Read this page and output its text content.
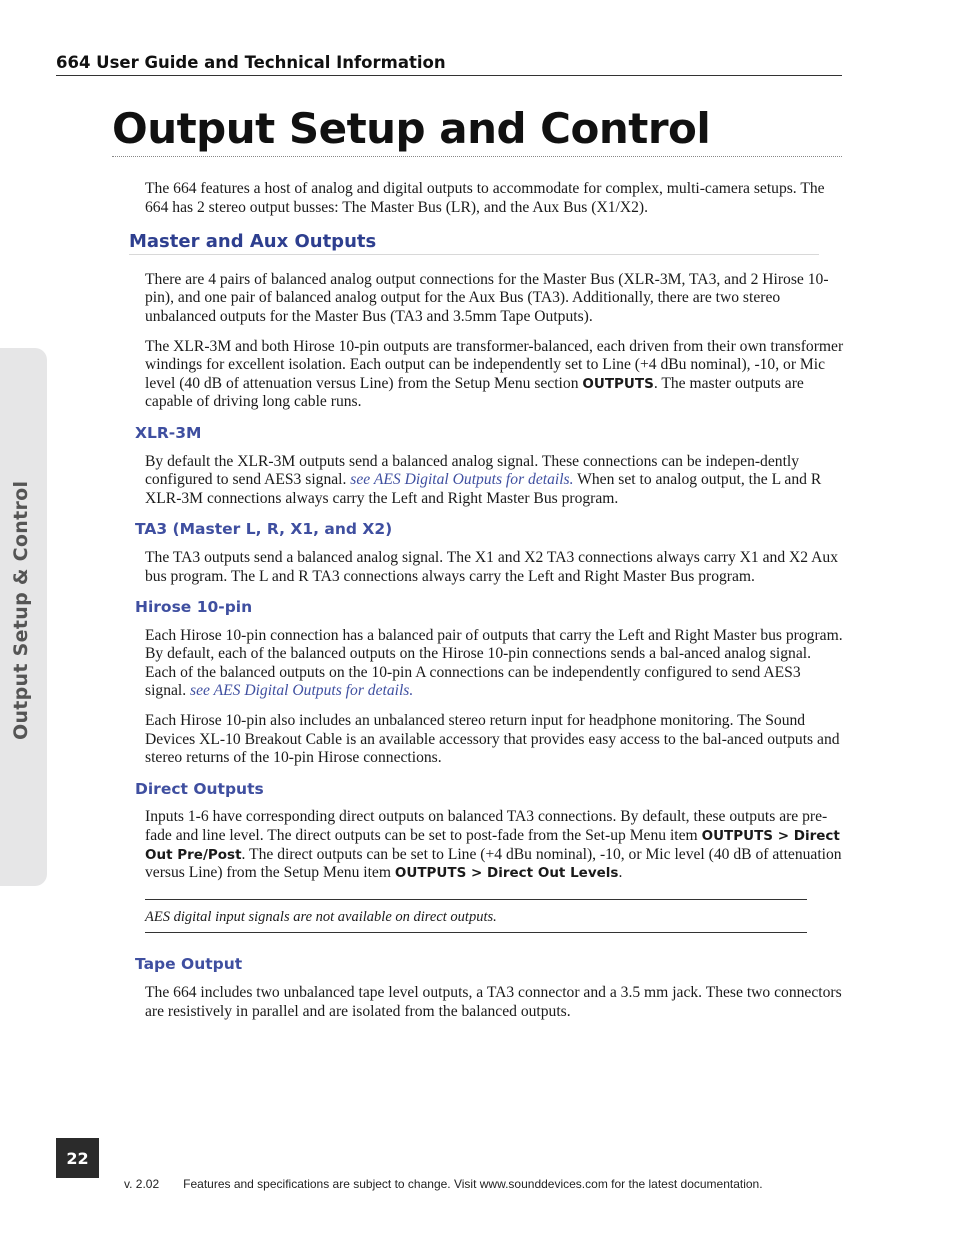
664 User Guide and Technical Information
Output Setup and Control
Output Setup & Control

The 664 features a host of analog and digital outputs to accommodate for complex, multi-camera setups. The 664 has 2 stereo output busses: The Master Bus (LR), and the Aux Bus (X1/X2).

Master and Aux Outputs

There are 4 pairs of balanced analog output connections for the Master Bus (XLR-3M, TA3, and 2 Hirose 10-pin), and one pair of balanced analog output for the Aux Bus (TA3). Additionally, there are two stereo unbalanced outputs for the Master Bus (TA3 and 3.5mm Tape Outputs).

The XLR-3M and both Hirose 10-pin outputs are transformer-balanced, each driven from their own transformer windings for excellent isolation. Each output can be independently set to Line (+4 dBu nominal), -10, or Mic level (40 dB of attenuation versus Line) from the Setup Menu section OUTPUTS. The master outputs are capable of driving long cable runs.

XLR-3M

By default the XLR-3M outputs send a balanced analog signal. These connections can be indepen-dently configured to send AES3 signal. see AES Digital Outputs for details. When set to analog output, the L and R XLR-3M connections always carry the Left and Right Master Bus program.

TA3 (Master L, R, X1, and X2)

The TA3 outputs send a balanced analog signal. The X1 and X2 TA3 connections always carry X1 and X2 Aux bus program. The L and R TA3 connections always carry the Left and Right Master Bus program.

Hirose 10-pin

Each Hirose 10-pin connection has a balanced pair of outputs that carry the Left and Right Master bus program. By default, each of the balanced outputs on the Hirose 10-pin connections sends a bal-anced analog signal. Each of the balanced outputs on the 10-pin A connections can be independently configured to send AES3 signal. see AES Digital Outputs for details.

Each Hirose 10-pin also includes an unbalanced stereo return input for headphone monitoring. The Sound Devices XL-10 Breakout Cable is an available accessory that provides easy access to the bal-anced outputs and stereo returns of the 10-pin Hirose connections.

Direct Outputs

Inputs 1-6 have corresponding direct outputs on balanced TA3 connections. By default, these outputs are pre-fade and line level. The direct outputs can be set to post-fade from the Set-up Menu item OUTPUTS > Direct Out Pre/Post. The direct outputs can be set to Line (+4 dBu nominal), -10, or Mic level (40 dB of attenuation versus Line) from the Setup Menu item OUTPUTS > Direct Out Levels.

AES digital input signals are not available on direct outputs.
Tape Output

The 664 includes two unbalanced tape level outputs, a TA3 connector and a 3.5 mm jack. These two connectors are resistively in parallel and are isolated from the balanced outputs.

22
v. 2.02 Features and specifications are subject to change. Visit www.sounddevices.com for the latest documentation.
